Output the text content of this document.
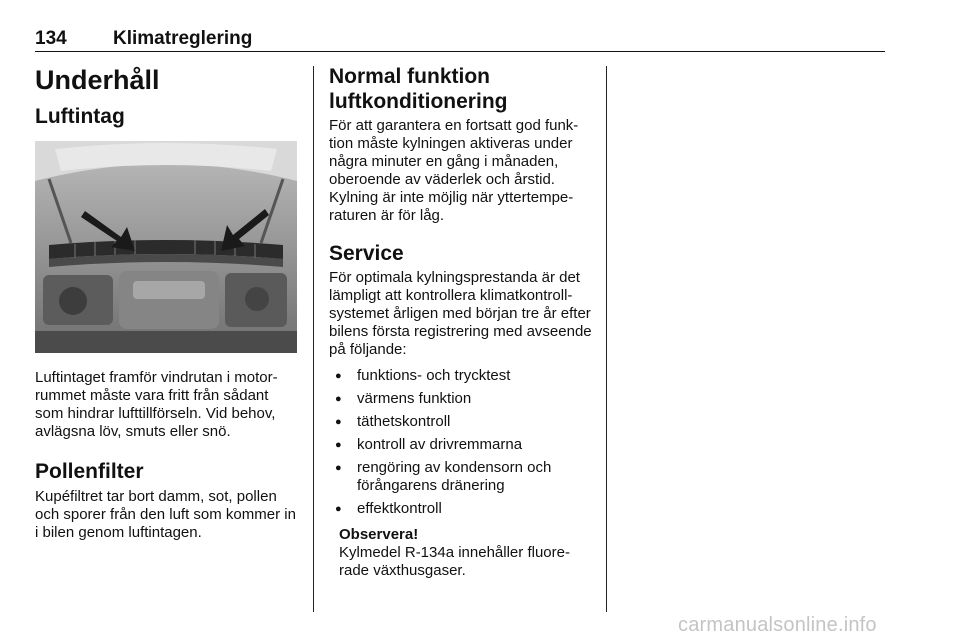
134 Klimatreglering
Underhåll
Luftintag

Luftintaget framför vindrutan i motor-rummet måste vara fritt från sådant som hindrar lufttillförseln. Vid behov, avlägsna löv, smuts eller snö.

Pollenfilter

Kupéfiltret tar bort damm, sot, pollen och sporer från den luft som kommer in i bilen genom luftintagen.

Normal funktion luftkonditionering

För att garantera en fortsatt god funk-tion måste kylningen aktiveras under några minuter en gång i månaden, oberoende av väderlek och årstid. Kylning är inte möjlig när yttertempe-raturen är för låg.

Service

För optimala kylningsprestanda är det lämpligt att kontrollera klimatkontroll-systemet årligen med början tre år efter bilens första registrering med avseende på följande:

● funktions- och trycktest
● värmens funktion
● täthetskontroll
● kontroll av drivremmarna
● rengöring av kondensorn och förångarens dränering
● effektkontroll
Observera!

Kylmedel R-134a innehåller fluore-rade växthusgaser.

carmanualsonline.info
